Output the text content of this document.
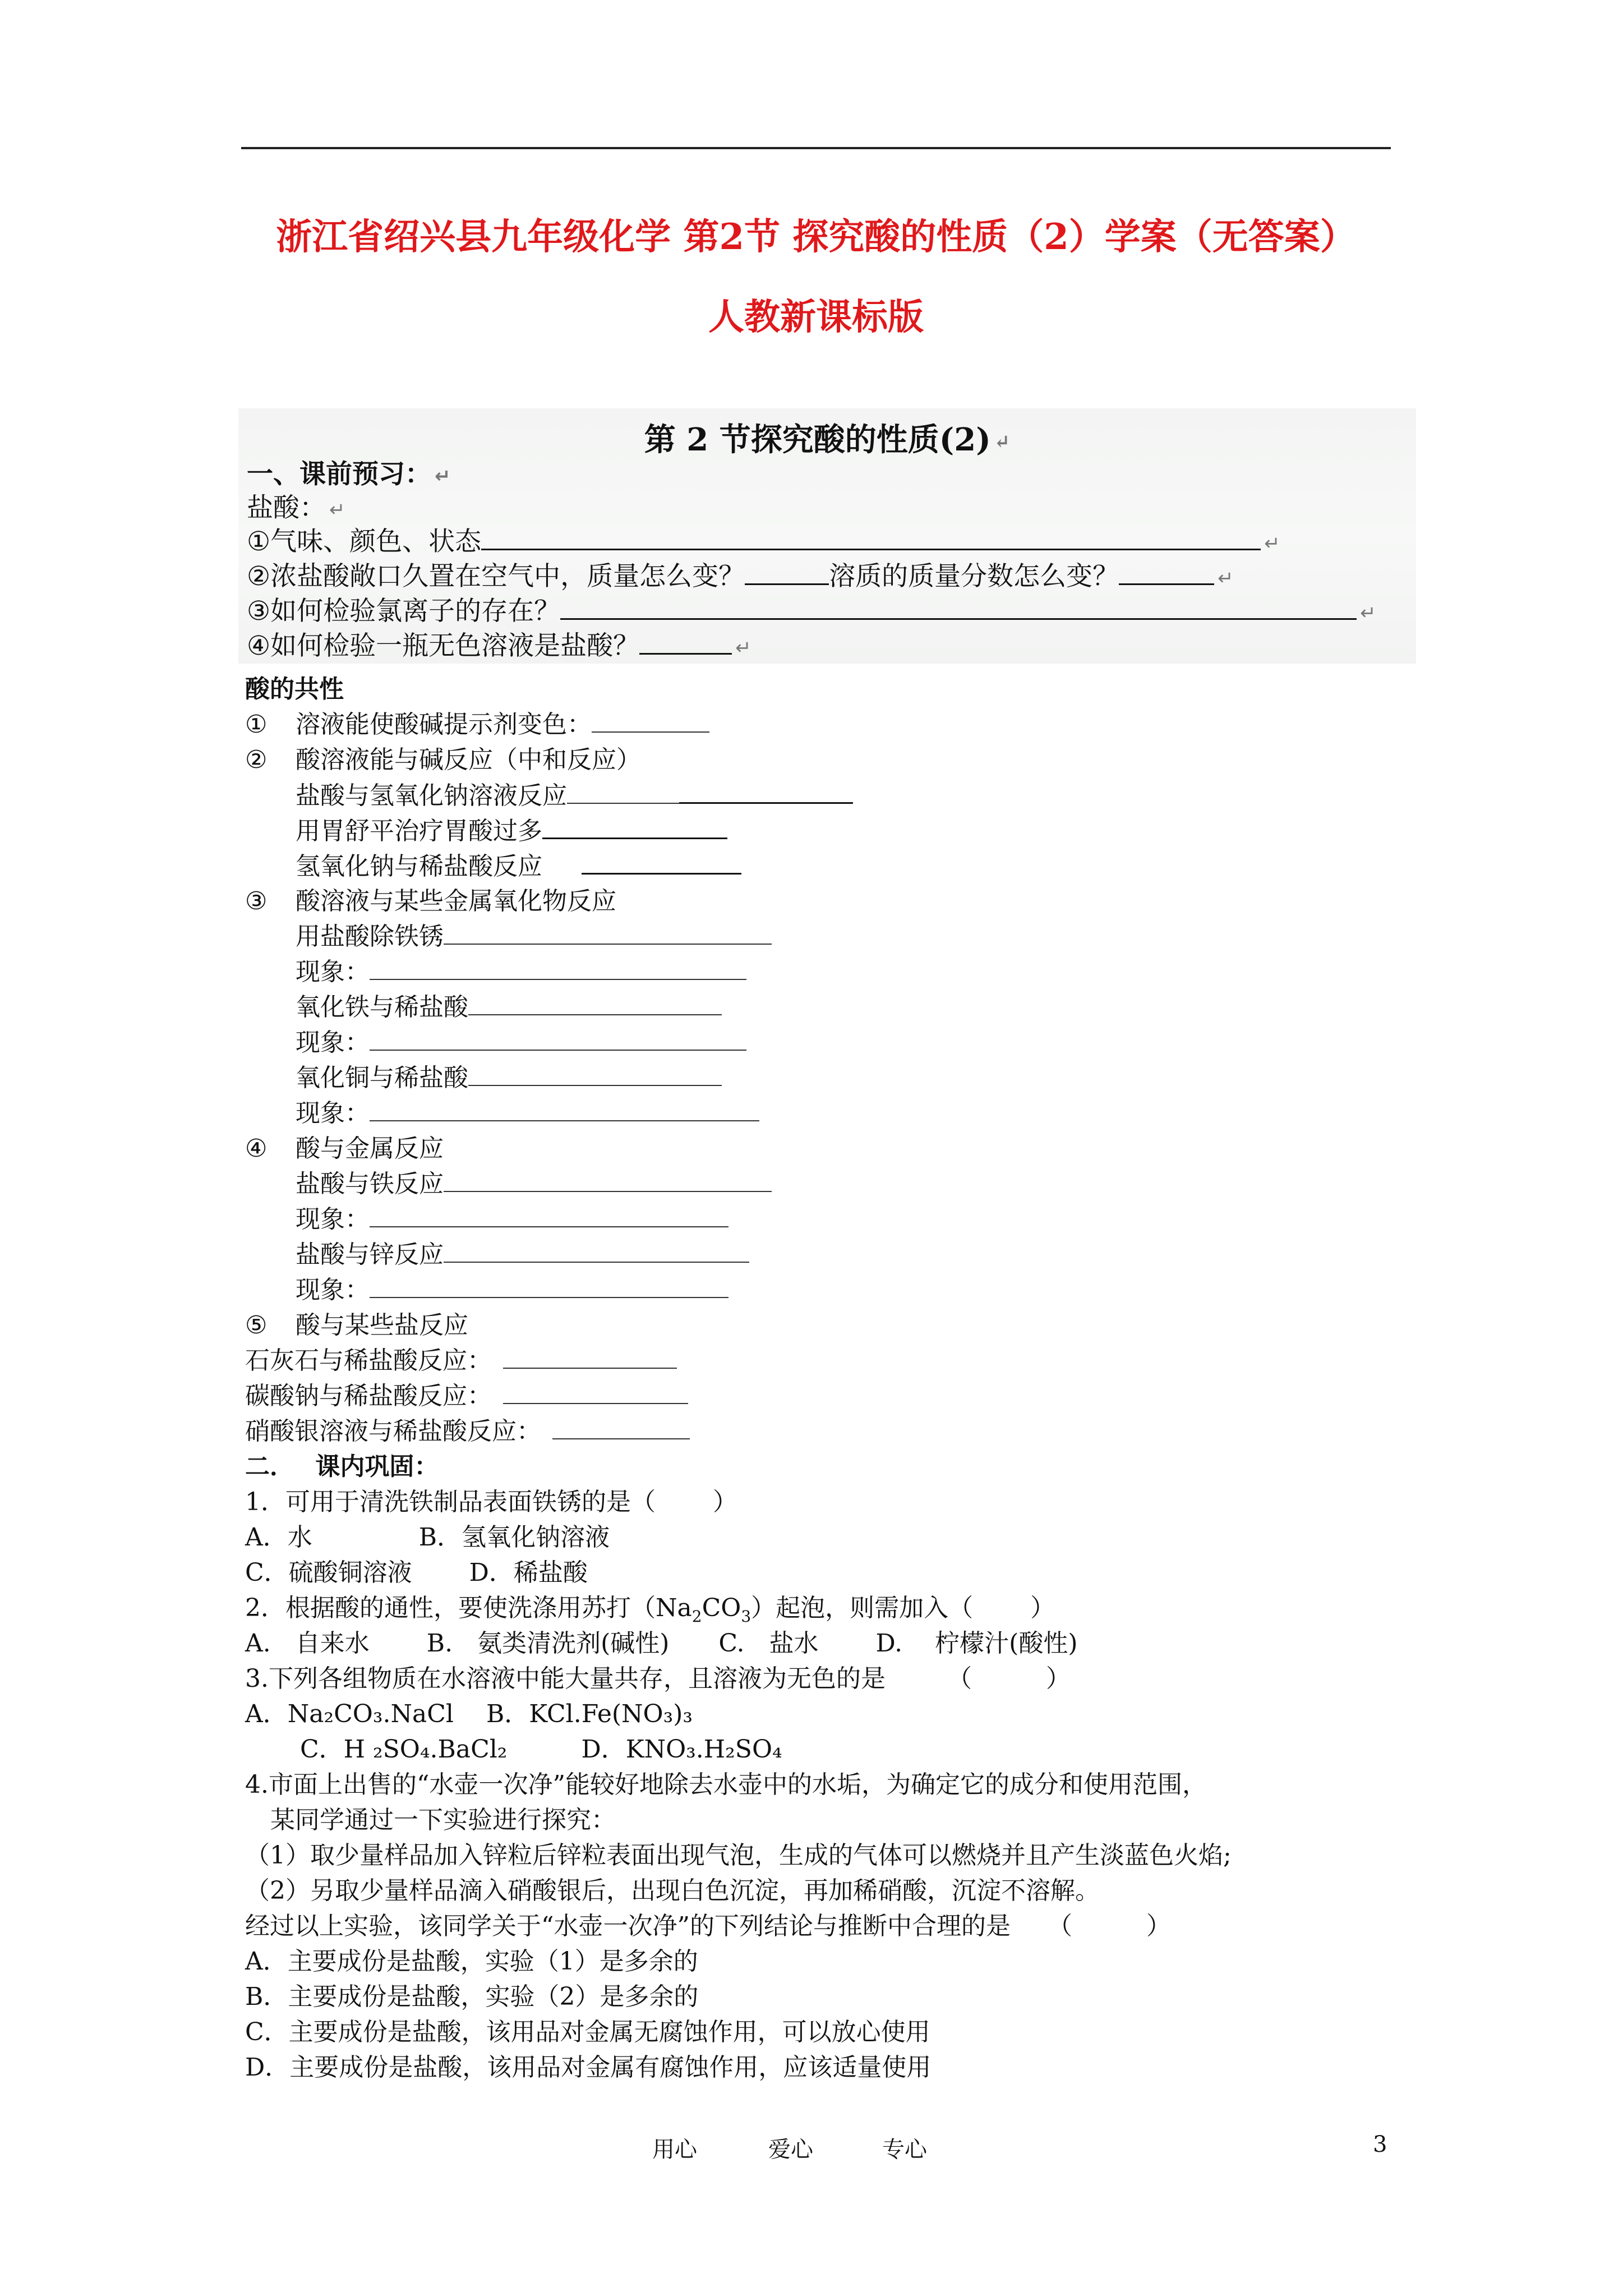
浙江省绍兴县九年级化学 第2节 探究酸的性质（2）学案（无答案）
人教新课标版
第 2 节探究酸的性质(2) ↵
一、课前预习： ↵
盐酸： ↵
①气味、颜色、状态	↵
②浓盐酸敞口久置在空气中，质量怎么变？	溶质的质量分数怎么变？	↵
③如何检验氯离子的存在？	↵
④如何检验一瓶无色溶液是盐酸？	↵
酸的共性
① 溶液能使酸碱提示剂变色：
② 酸溶液能与碱反应（中和反应）
盐酸与氢氧化钠溶液反应
用胃舒平治疗胃酸过多
氢氧化钠与稀盐酸反应
③ 酸溶液与某些金属氧化物反应
用盐酸除铁锈
现象：
氧化铁与稀盐酸
现象：
氧化铜与稀盐酸
现象：
④ 酸与金属反应
盐酸与铁反应
现象：
盐酸与锌反应
现象：
⑤ 酸与某些盐反应
石灰石与稀盐酸反应：
碳酸钠与稀盐酸反应：
硝酸银溶液与稀盐酸反应：
二．　 课内巩固：
1．可用于清洗铁制品表面铁锈的是（　　 ）
A．水　　　　 B．氢氧化钠溶液
C．硫酸铜溶液　　 D．稀盐酸
2．根据酸的通性，要使洗涤用苏打$(Na_2CO_3)$起泡，则需加入（　　 ）
A.　自来水　　 B.　氨类清洗剂(碱性)　　C.　盐水　　 D.　 柠檬汁(酸性)
3.下列各组物质在水溶液中能大量共存，且溶液为无色的是　　　（　　　）
A．Na₂CO₃.NaCl　 B．KCl.Fe(NO₃)₃
C．H ₂SO₄.BaCl₂　　　D．KNO₃.H₂SO₄
4.市面上出售的“水壶一次净”能较好地除去水壶中的水垢，为确定它的成分和使用范围，
某同学通过一下实验进行探究：
（1）取少量样品加入锌粒后锌粒表面出现气泡，生成的气体可以燃烧并且产生淡蓝色火焰;
（2）另取少量样品滴入硝酸银后，出现白色沉淀，再加稀硝酸，沉淀不溶解。
经过以上实验，该同学关于“水壶一次净”的下列结论与推断中合理的是　　（　　　）
A．主要成份是盐酸，实验（1）是多余的
B．主要成份是盐酸，实验（2）是多余的
C．主要成份是盐酸，该用品对金属无腐蚀作用，可以放心使用
D．主要成份是盐酸，该用品对金属有腐蚀作用，应该适量使用
用心	爱心	专心	3
